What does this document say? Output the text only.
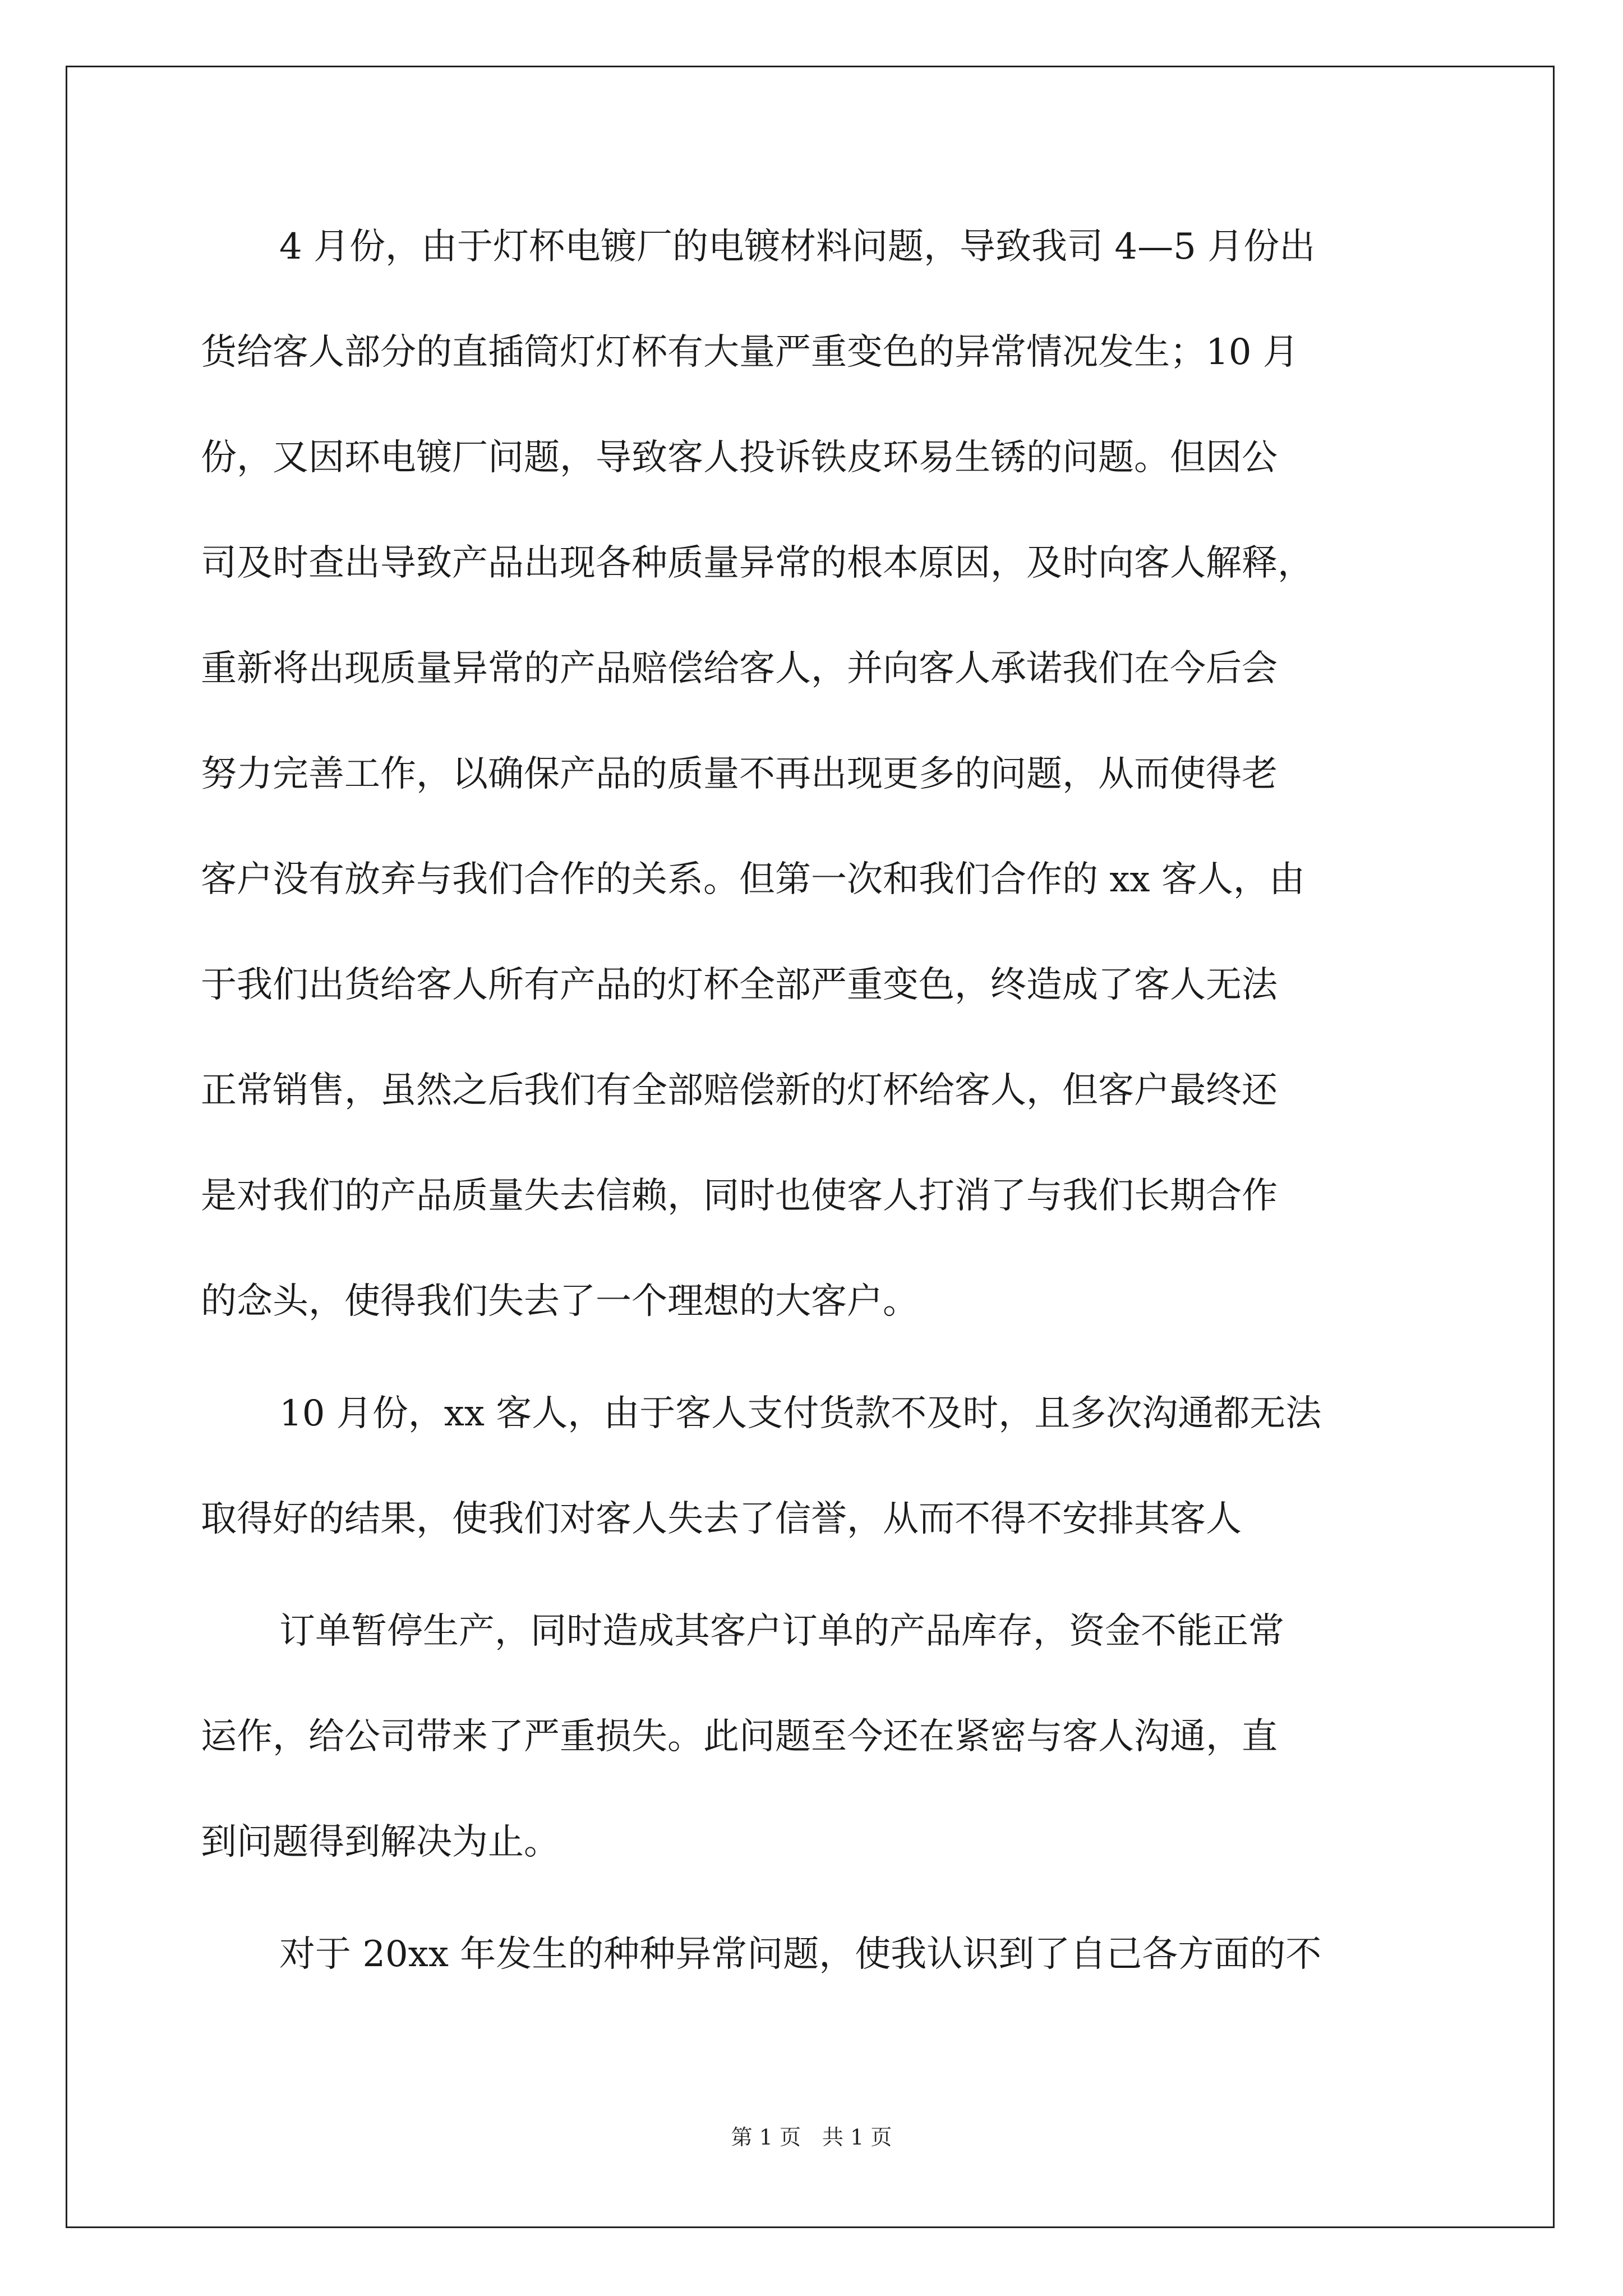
4 月份，由于灯杯电镀厂的电镀材料问题，导致我司 4—5 月份出
货给客人部分的直插筒灯灯杯有大量严重变色的异常情况发生；10 月
份，又因环电镀厂问题，导致客人投诉铁皮环易生锈的问题。但因公
司及时查出导致产品出现各种质量异常的根本原因，及时向客人解释，
重新将出现质量异常的产品赔偿给客人，并向客人承诺我们在今后会
努力完善工作，以确保产品的质量不再出现更多的问题，从而使得老
客户没有放弃与我们合作的关系。但第一次和我们合作的 xx 客人，由
于我们出货给客人所有产品的灯杯全部严重变色，终造成了客人无法
正常销售，虽然之后我们有全部赔偿新的灯杯给客人，但客户最终还
是对我们的产品质量失去信赖，同时也使客人打消了与我们长期合作
的念头，使得我们失去了一个理想的大客户。
10 月份，xx 客人，由于客人支付货款不及时，且多次沟通都无法
取得好的结果，使我们对客人失去了信誉，从而不得不安排其客人
订单暂停生产，同时造成其客户订单的产品库存，资金不能正常
运作，给公司带来了严重损失。此问题至今还在紧密与客人沟通，直
到问题得到解决为止。
对于 20xx 年发生的种种异常问题，使我认识到了自己各方面的不
第 1 页　共 1 页
